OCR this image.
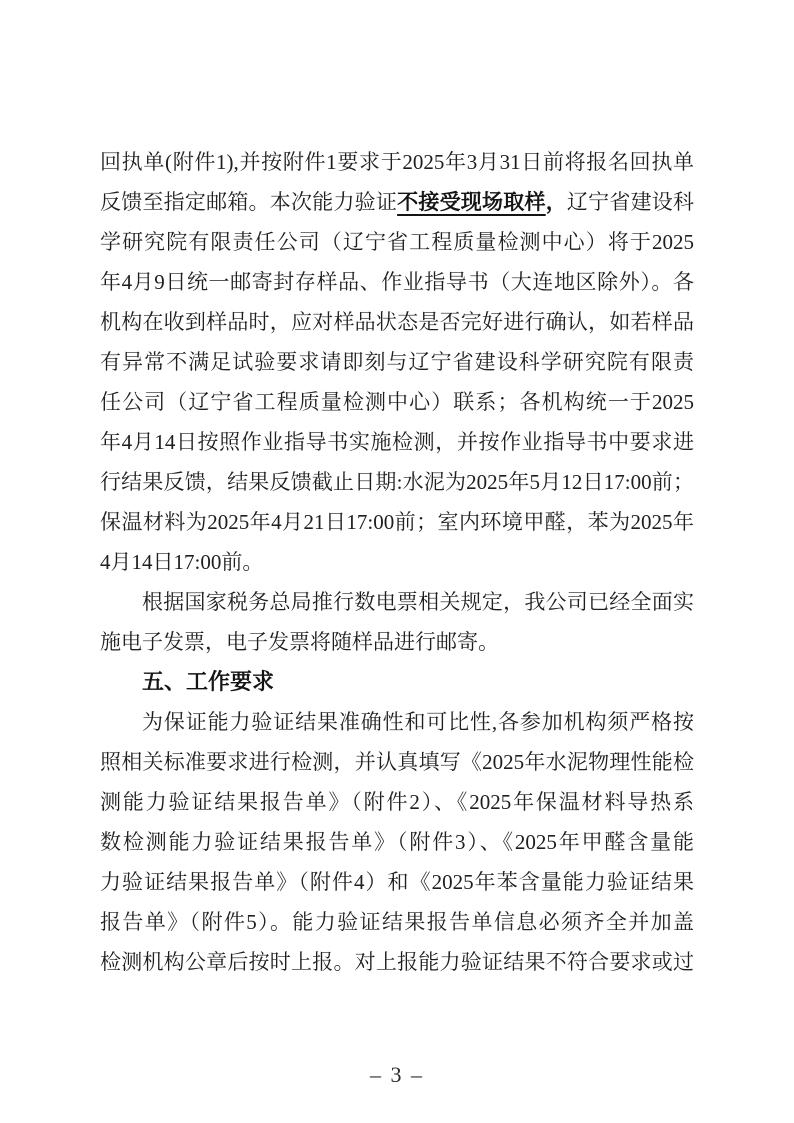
回执单(附件1),并按附件1要求于2025年3月31日前将报名回执单
反馈至指定邮箱。本次能力验证不接受现场取样，辽宁省建设科
学研究院有限责任公司（辽宁省工程质量检测中心）将于2025
年4月9日统一邮寄封存样品、作业指导书（大连地区除外）。各
机构在收到样品时，应对样品状态是否完好进行确认，如若样品
有异常不满足试验要求请即刻与辽宁省建设科学研究院有限责
任公司（辽宁省工程质量检测中心）联系；各机构统一于2025
年4月14日按照作业指导书实施检测，并按作业指导书中要求进
行结果反馈，结果反馈截止日期:水泥为2025年5月12日17:00前；
保温材料为2025年4月21日17:00前；室内环境甲醛，苯为2025年
4月14日17:00前。
根据国家税务总局推行数电票相关规定，我公司已经全面实
施电子发票，电子发票将随样品进行邮寄。
五、工作要求
为保证能力验证结果准确性和可比性,各参加机构须严格按
照相关标准要求进行检测，并认真填写《2025年水泥物理性能检
测能力验证结果报告单》（附件2）、《2025年保温材料导热系
数检测能力验证结果报告单》（附件3）、《2025年甲醛含量能
力验证结果报告单》（附件4）和《2025年苯含量能力验证结果
报告单》（附件5）。能力验证结果报告单信息必须齐全并加盖
检测机构公章后按时上报。对上报能力验证结果不符合要求或过
– 3 –
